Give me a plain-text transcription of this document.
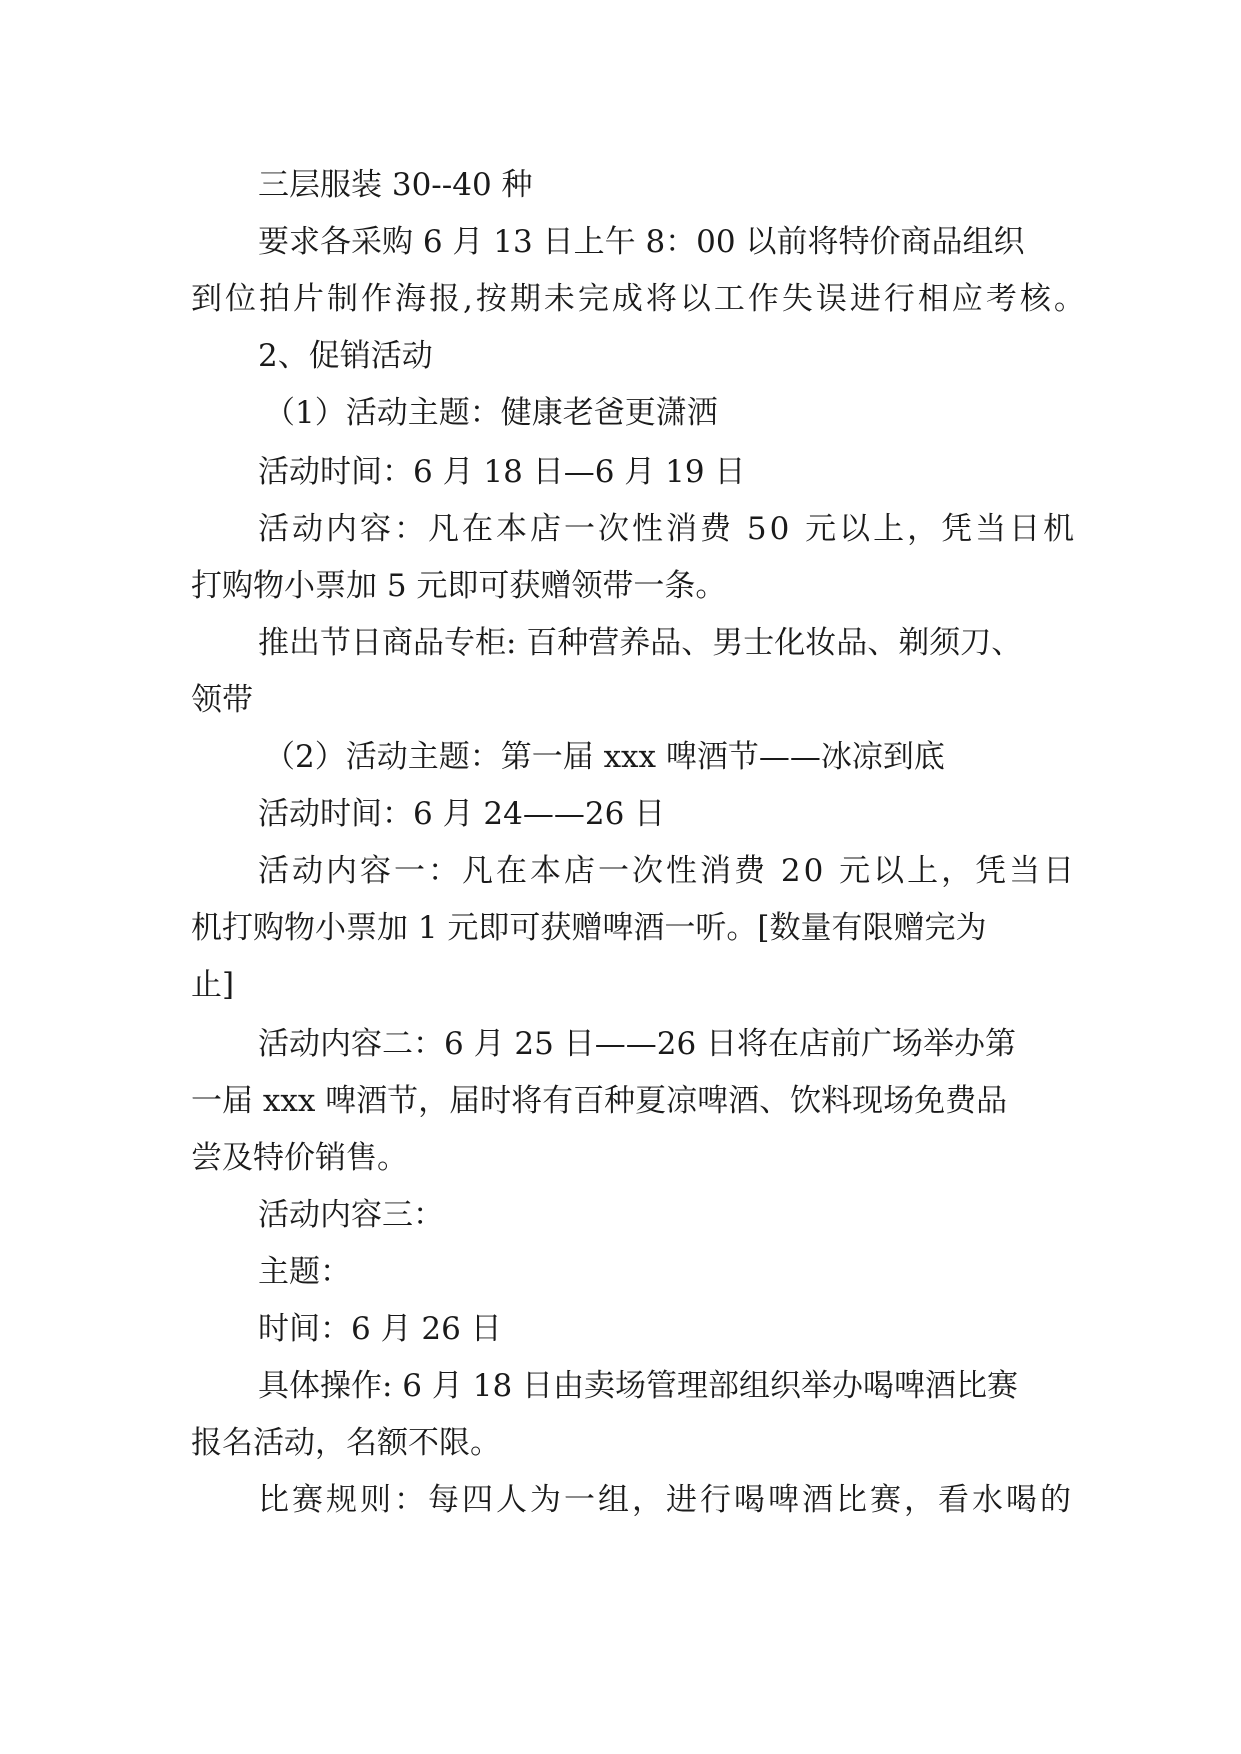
三层服装 30--40 种
要求各采购 6 月 13 日上午 8：00 以前将特价商品组织
到位拍片制作海报,按期未完成将以工作失误进行相应考核。
2、促销活动
（1）活动主题：健康老爸更潇洒
活动时间：6 月 18 日—6 月 19 日
活动内容：凡在本店一次性消费 50 元以上，凭当日机
打购物小票加 5 元即可获赠领带一条。
推出节日商品专柜: 百种营养品、男士化妆品、剃须刀、
领带
（2）活动主题：第一届 xxx 啤酒节——冰凉到底
活动时间：6 月 24——26 日
活动内容一：凡在本店一次性消费 20 元以上，凭当日
机打购物小票加 1 元即可获赠啤酒一听。[数量有限赠完为
止]
活动内容二：6 月 25 日——26 日将在店前广场举办第
一届 xxx 啤酒节，届时将有百种夏凉啤酒、饮料现场免费品
尝及特价销售。
活动内容三：
主题：
时间：6 月 26 日
具体操作: 6 月 18 日由卖场管理部组织举办喝啤酒比赛
报名活动，名额不限。
比赛规则：每四人为一组，进行喝啤酒比赛，看水喝的
